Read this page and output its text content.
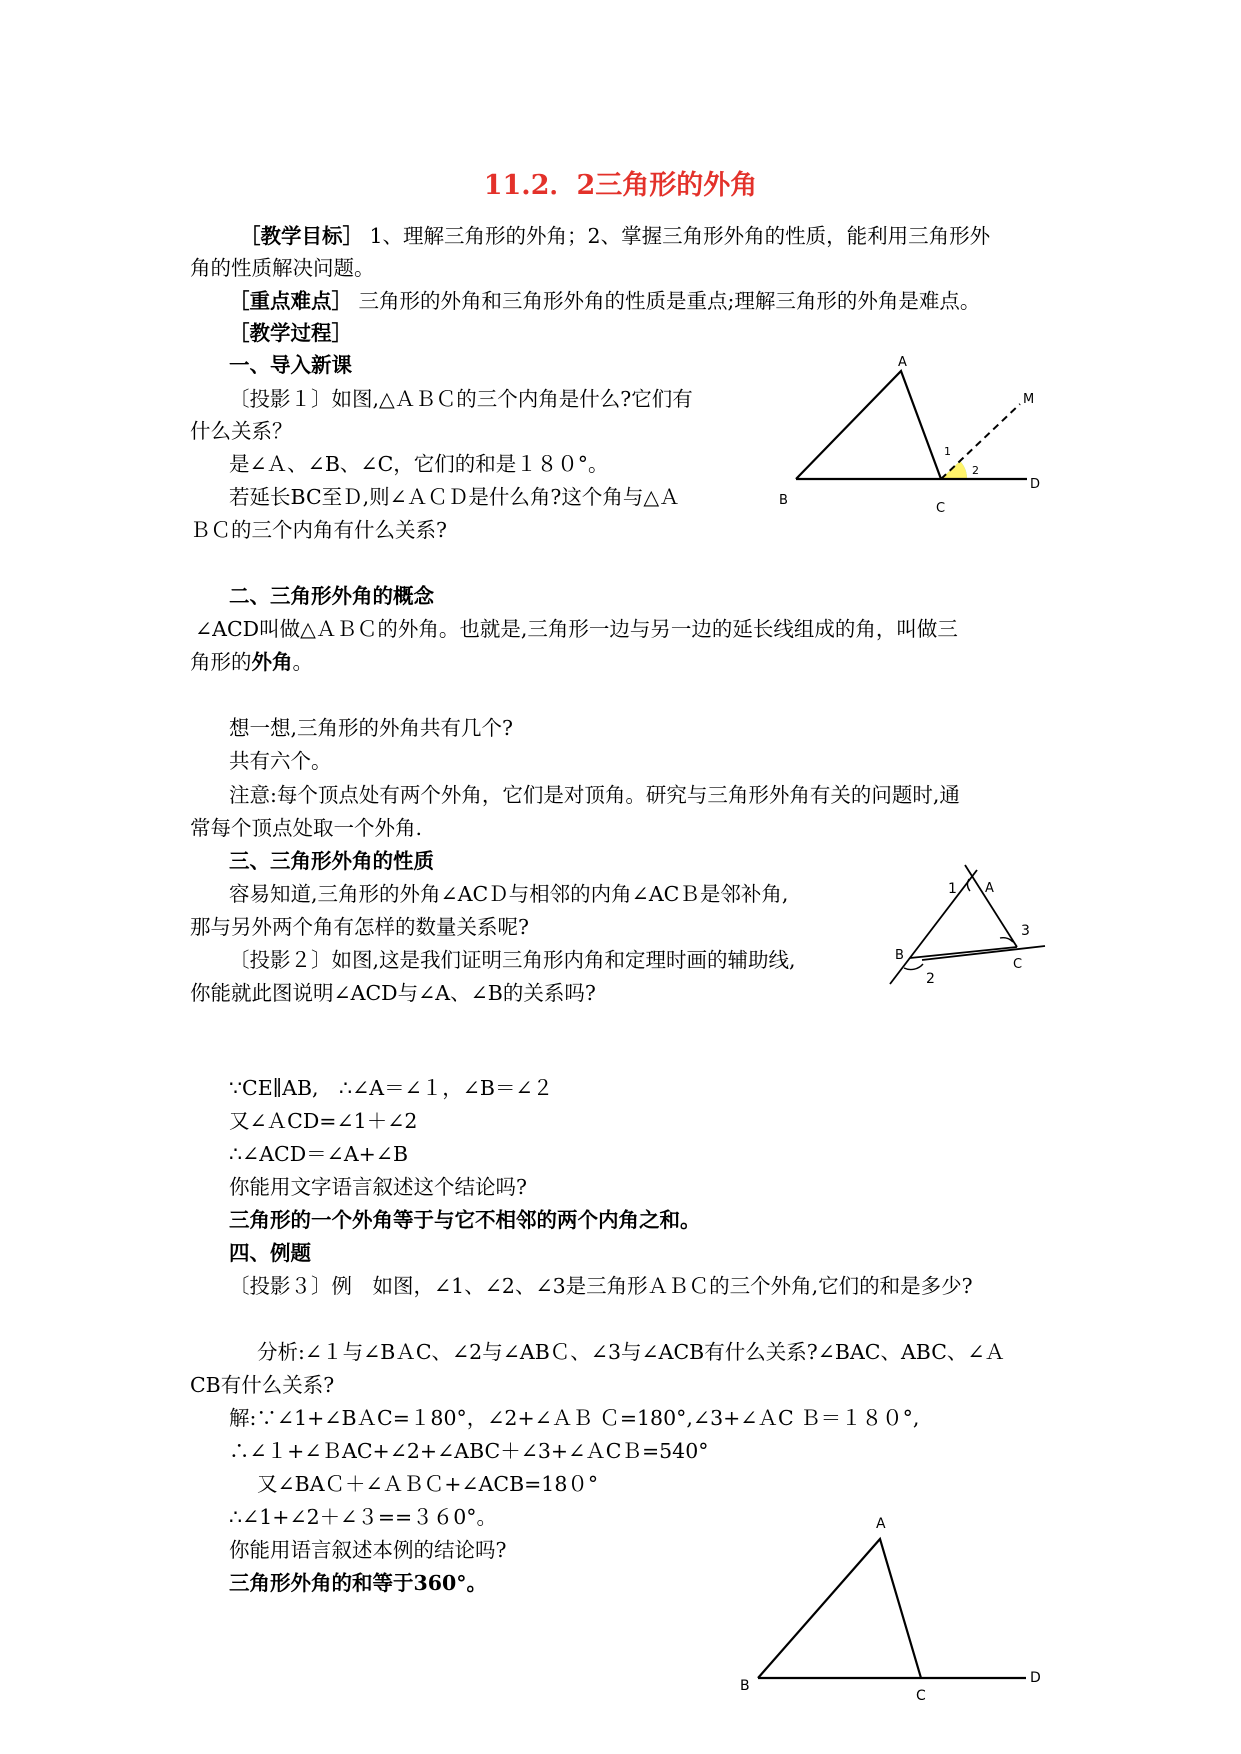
11.2．2三角形的外角
［教学目标］ 1、理解三角形的外角；2、掌握三角形外角的性质，能利用三角形外
角的性质解决问题。
［重点难点］ 三角形的外角和三角形外角的性质是重点;理解三角形的外角是难点。
［教学过程］
一、导入新课
〔投影１〕如图,△ＡＢＣ的三个内角是什么?它们有
什么关系？
是∠Ａ、∠B、∠C，它们的和是１８０°。
若延长BC至Ｄ,则∠ＡＣＤ是什么角?这个角与△Ａ
ＢＣ的三个内角有什么关系?
A
M
1
2
B
C
D
二、三角形外角的概念
∠ACD叫做△ＡＢＣ的外角。也就是,三角形一边与另一边的延长线组成的角，叫做三
角形的外角。
想一想,三角形的外角共有几个?
共有六个。
注意:每个顶点处有两个外角，它们是对顶角。研究与三角形外角有关的问题时,通
常每个顶点处取一个外角.
三、三角形外角的性质
容易知道,三角形的外角∠ACＤ与相邻的内角∠ACＢ是邻补角,
那与另外两个角有怎样的数量关系呢?
〔投影２〕如图,这是我们证明三角形内角和定理时画的辅助线,
你能就此图说明∠ACD与∠A、∠B的关系吗?
1 A
3
B
C
2
∵CE∥AB,　∴∠A＝∠１，∠B＝∠２
又∠ＡCD=∠1＋∠2
∴∠ACD＝∠A+∠B
你能用文字语言叙述这个结论吗?
三角形的一个外角等于与它不相邻的两个内角之和。
四、例题
〔投影３〕例　如图，∠1、∠2、∠3是三角形ＡＢＣ的三个外角,它们的和是多少?
分析:∠１与∠BＡC、∠2与∠ABＣ、∠3与∠ACB有什么关系?∠BAC、ABC、∠Ａ
CB有什么关系?
解:∵∠1+∠BＡC=１80°，∠2+∠ＡＢ Ｃ=180°,∠3+∠ＡC Ｂ＝１８０°,
∴∠１+∠ＢAC+∠2+∠ABC＋∠3+∠ＡCＢ=540°
又∠BAＣ＋∠ＡＢＣ+∠ACB=18０°
∴∠1+∠2＋∠３==３６0°。
你能用语言叙述本例的结论吗?
三角形外角的和等于360°。
A
B
C
D
